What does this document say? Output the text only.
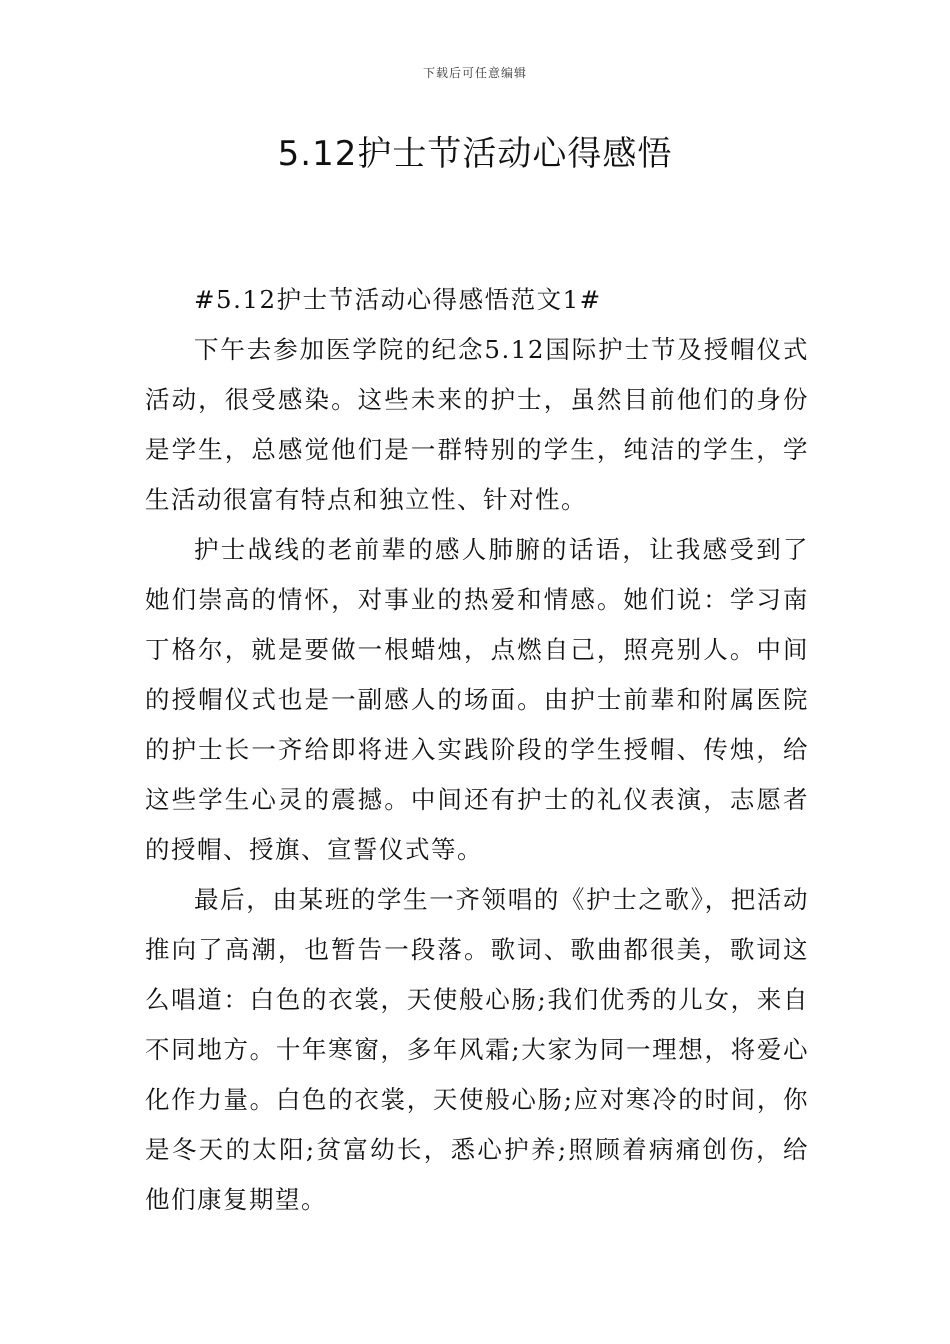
下载后可任意编辑
5.12护士节活动心得感悟

#5.12护士节活动心得感悟范文1#

下午去参加医学院的纪念5.12国际护士节及授帽仪式活动，很受感染。这些未来的护士，虽然目前他们的身份是学生，总感觉他们是一群特别的学生，纯洁的学生，学生活动很富有特点和独立性、针对性。

护士战线的老前辈的感人肺腑的话语，让我感受到了她们崇高的情怀，对事业的热爱和情感。她们说：学习南丁格尔，就是要做一根蜡烛，点燃自己，照亮别人。中间的授帽仪式也是一副感人的场面。由护士前辈和附属医院的护士长一齐给即将进入实践阶段的学生授帽、传烛，给这些学生心灵的震撼。中间还有护士的礼仪表演，志愿者的授帽、授旗、宣誓仪式等。

最后，由某班的学生一齐领唱的《护士之歌》，把活动推向了高潮，也暂告一段落。歌词、歌曲都很美，歌词这么唱道：白色的衣裳，天使般心肠;我们优秀的儿女，来自不同地方。十年寒窗，多年风霜;大家为同一理想，将爱心化作力量。白色的衣裳，天使般心肠;应对寒冷的时间，你是冬天的太阳;贫富幼长，悉心护养;照顾着病痛创伤，给他们康复期望。
